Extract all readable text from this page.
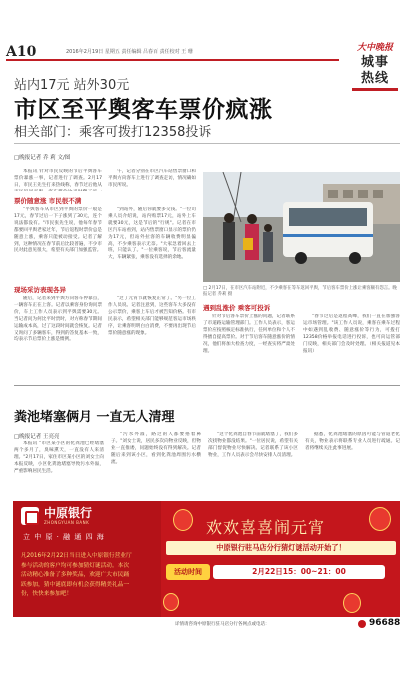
A10	2016年2月19日 星期五 责任编辑 吕春百 责任校对 王 珊	大中晚报
城事
热线
站内17元 站外30元
市区至平舆客车票价疯涨
相关部门：乘客可拨打12358投诉
□晚报记者 乔 莉 文/图
本报讯 针对市民反映的节后平舆客车票价暴涨一事，记者进行了调查。2月17日，市民王先生打来热线称，春节过后他从
午，记者分别在市区汽车站售票窗口和平舆方向客车上进行了调查走访，情况确如市民所说。
票价随意涨 市民很不满
"平舆客车从市区到平舆的票价一般是17元，春节过后一下子涨到了30元，连个说法都没有。"市民张先生说，他每年春节都要回平舆老家过年，节后返程时票价总是随意上涨，乘客只能被动接受。记者了解到，这种情况在春节前后比较普遍，不少市民对此意见很大，希望有关部门加强监管。
"到站外，随后你就要多交钱。"一位司乘人员介绍说，站内购票17元，站外上车就要30元，这是节后的"行规"。记者在市区汽车站看到，站内售票窗口显示的票价仍为17元，但站外拉客的车辆收费明显偏高，不少乘客表示无奈。"大家急着回去上班，只能认了。"一位乘客说，节后客流量大，车辆紧张，乘客没有选择的余地。
现场采访表现各异
随后，记者来到平舆方向客车停靠点，一辆客车正在上客。记者以乘客身份询问票价，车上工作人员表示到平舆需要30元。当记者问为何比平时贵时，对方称春节期间运输成本高，过了这段时间就会恢复。记者又询问了多辆客车，得到的答复基本一致，均表示节后票价上涨是惯例。
"过了元宵节就恢复正常了。"另一位工作人员说。记者注意到，这些客车大多没有公示票价，乘客上车后才被告知价格。有市民表示，希望相关部门能够规范客运市场秩序，让乘客明明白白消费，不要再出现节后票价随意涨的现象。
□ 2月17日，在市区汽车站附近，不少乘客在等车返回平舆，节后客车票价上涨让乘客颇有怨言。晚报记者 乔莉 摄
遇到乱涨价 乘客可投诉
针对节后客车票价上涨的问题，记者联系了市道路运输管理部门。工作人员表示，客运票价应按照核定标准执行，任何单位和个人不得擅自提高票价。对于节后客车随意涨价的情况，他们将加大检查力度，一经查实将严肃处理。
"春节过后是返程高峰，我们一直在加强客运市场管理。"该工作人员说，乘客在乘车过程中如遇到乱收费、随意涨价等行为，可拨打12358价格举报电话进行投诉，也可向运管部门反映，相关部门会及时处理。（相关报道见本报讯）
粪池堵塞俩月 一直无人清理
□晚报记者 王亮亮
本报讯 "市区某小区的化粪池已经堵塞两个多月了，臭味熏天，一直没有人来清理。"2月17日，家住市区某小区的刘女士向本报反映，小区化粪池堵塞导致污水外溢，严重影响居民生活。
"污水外溢，路过的人都要捂着鼻子。"刘女士说，居民多次向物业反映，但物业一直推诿，问题始终没有得到解决。记者随后来到该小区，看到化粪池周围污水横流。
"这个化粪池自春节前就堵塞了，我们多次找物业都没结果。"一位居民说，希望有关部门督促物业尽快解决。记者联系了该小区物业，工作人员表示会尽快安排人员清理。
据悉，化粪池堵塞的原因可能与管道老化有关，物业表示将联系专业人员进行疏通。记者将继续关注此事进展。
中原银行
ZHONGYUAN BANK
立 中 原 · 融 通 四 海
凡2016年2月22日当日进入中原银行营业厅参与活动的客户均可参加猜灯谜活动。本次活动精心准备了多种奖品，欢迎广大市民踊跃参加，猜中谜底即有机会获得精美礼品一份，快快来参加吧！
欢欢喜喜闹元宵
中原银行驻马店分行猜灯谜活动开始了！
活动时间	2月22日15：00~21：00
详情请咨询中原银行驻马店分行各网点或电话：	96688
